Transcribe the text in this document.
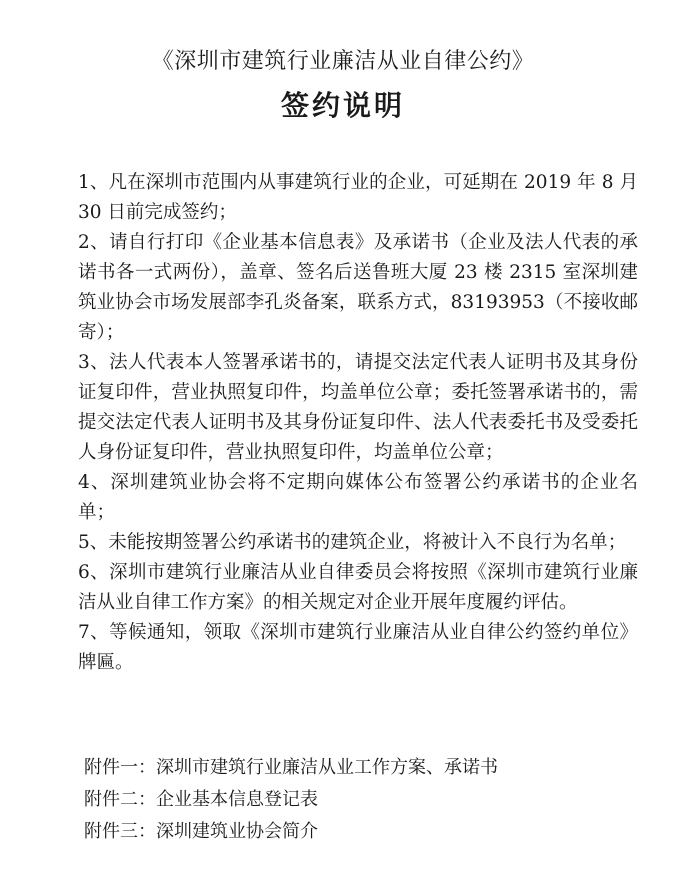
《深圳市建筑行业廉洁从业自律公约》
签约说明

1、凡在深圳市范围内从事建筑行业的企业，可延期在 2019 年 8 月 30 日前完成签约；

2、请自行打印《企业基本信息表》及承诺书（企业及法人代表的承诺书各一式两份），盖章、签名后送鲁班大厦 23 楼 2315 室深圳建筑业协会市场发展部李孔炎备案，联系方式，83193953（不接收邮寄）；

3、法人代表本人签署承诺书的，请提交法定代表人证明书及其身份证复印件，营业执照复印件，均盖单位公章；委托签署承诺书的，需提交法定代表人证明书及其身份证复印件、法人代表委托书及受委托人身份证复印件，营业执照复印件，均盖单位公章；

4、深圳建筑业协会将不定期向媒体公布签署公约承诺书的企业名单；

5、未能按期签署公约承诺书的建筑企业，将被计入不良行为名单；

6、深圳市建筑行业廉洁从业自律委员会将按照《深圳市建筑行业廉洁从业自律工作方案》的相关规定对企业开展年度履约评估。

7、等候通知，领取《深圳市建筑行业廉洁从业自律公约签约单位》牌匾。

附件一：深圳市建筑行业廉洁从业工作方案、承诺书

附件二：企业基本信息登记表

附件三：深圳建筑业协会简介
